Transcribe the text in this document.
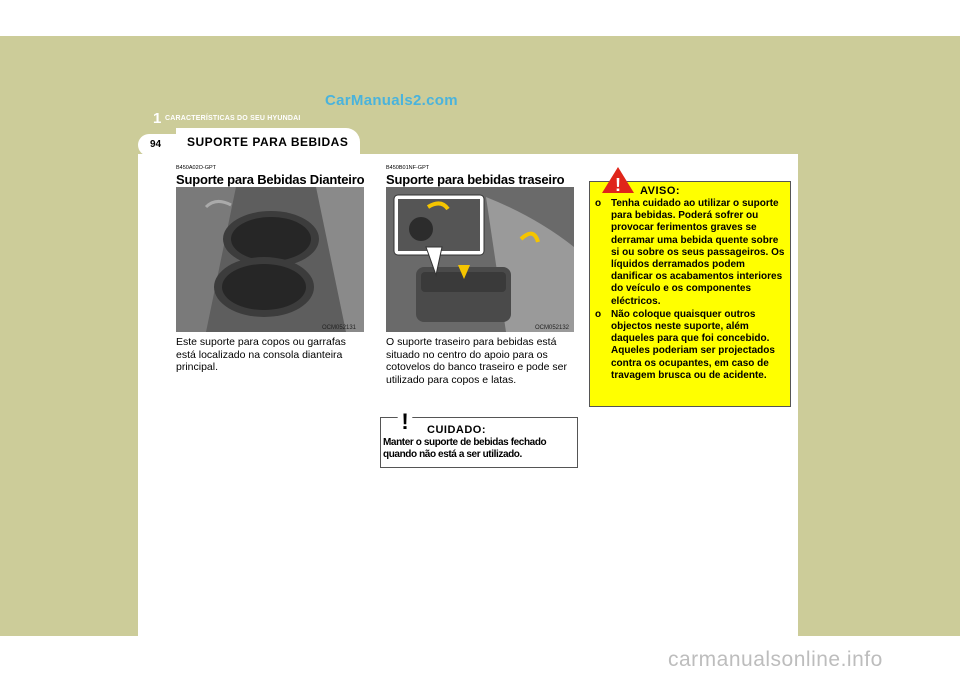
1 CARACTERÍSTICAS DO SEU HYUNDAI
CarManuals2.com
94 SUPORTE PARA BEBIDAS
B450A02O-GPT
Suporte para Bebidas Dianteiro
OCM052131

Este suporte para copos ou garrafas está localizado na consola dianteira principal.

B450B01NF-GPT
Suporte para bebidas traseiro
OCM052132

O suporte traseiro para bebidas está situado no centro do apoio para os cotovelos do banco traseiro e pode ser utilizado para copos e latas.

! CUIDADO:

Manter o suporte de bebidas fechado quando não está a ser utilizado.

! AVISO:
o Tenha cuidado ao utilizar o suporte para bebidas. Poderá sofrer ou provocar ferimentos graves se derramar uma bebida quente sobre si ou sobre os seus passageiros. Os líquidos derramados podem danificar os acabamentos interiores do veículo e os componentes eléctricos.
o Não coloque quaisquer outros objectos neste suporte, além daqueles para que foi concebido. Aqueles poderiam ser projectados contra os ocupantes, em caso de travagem brusca ou de acidente.
carmanualsonline.info
